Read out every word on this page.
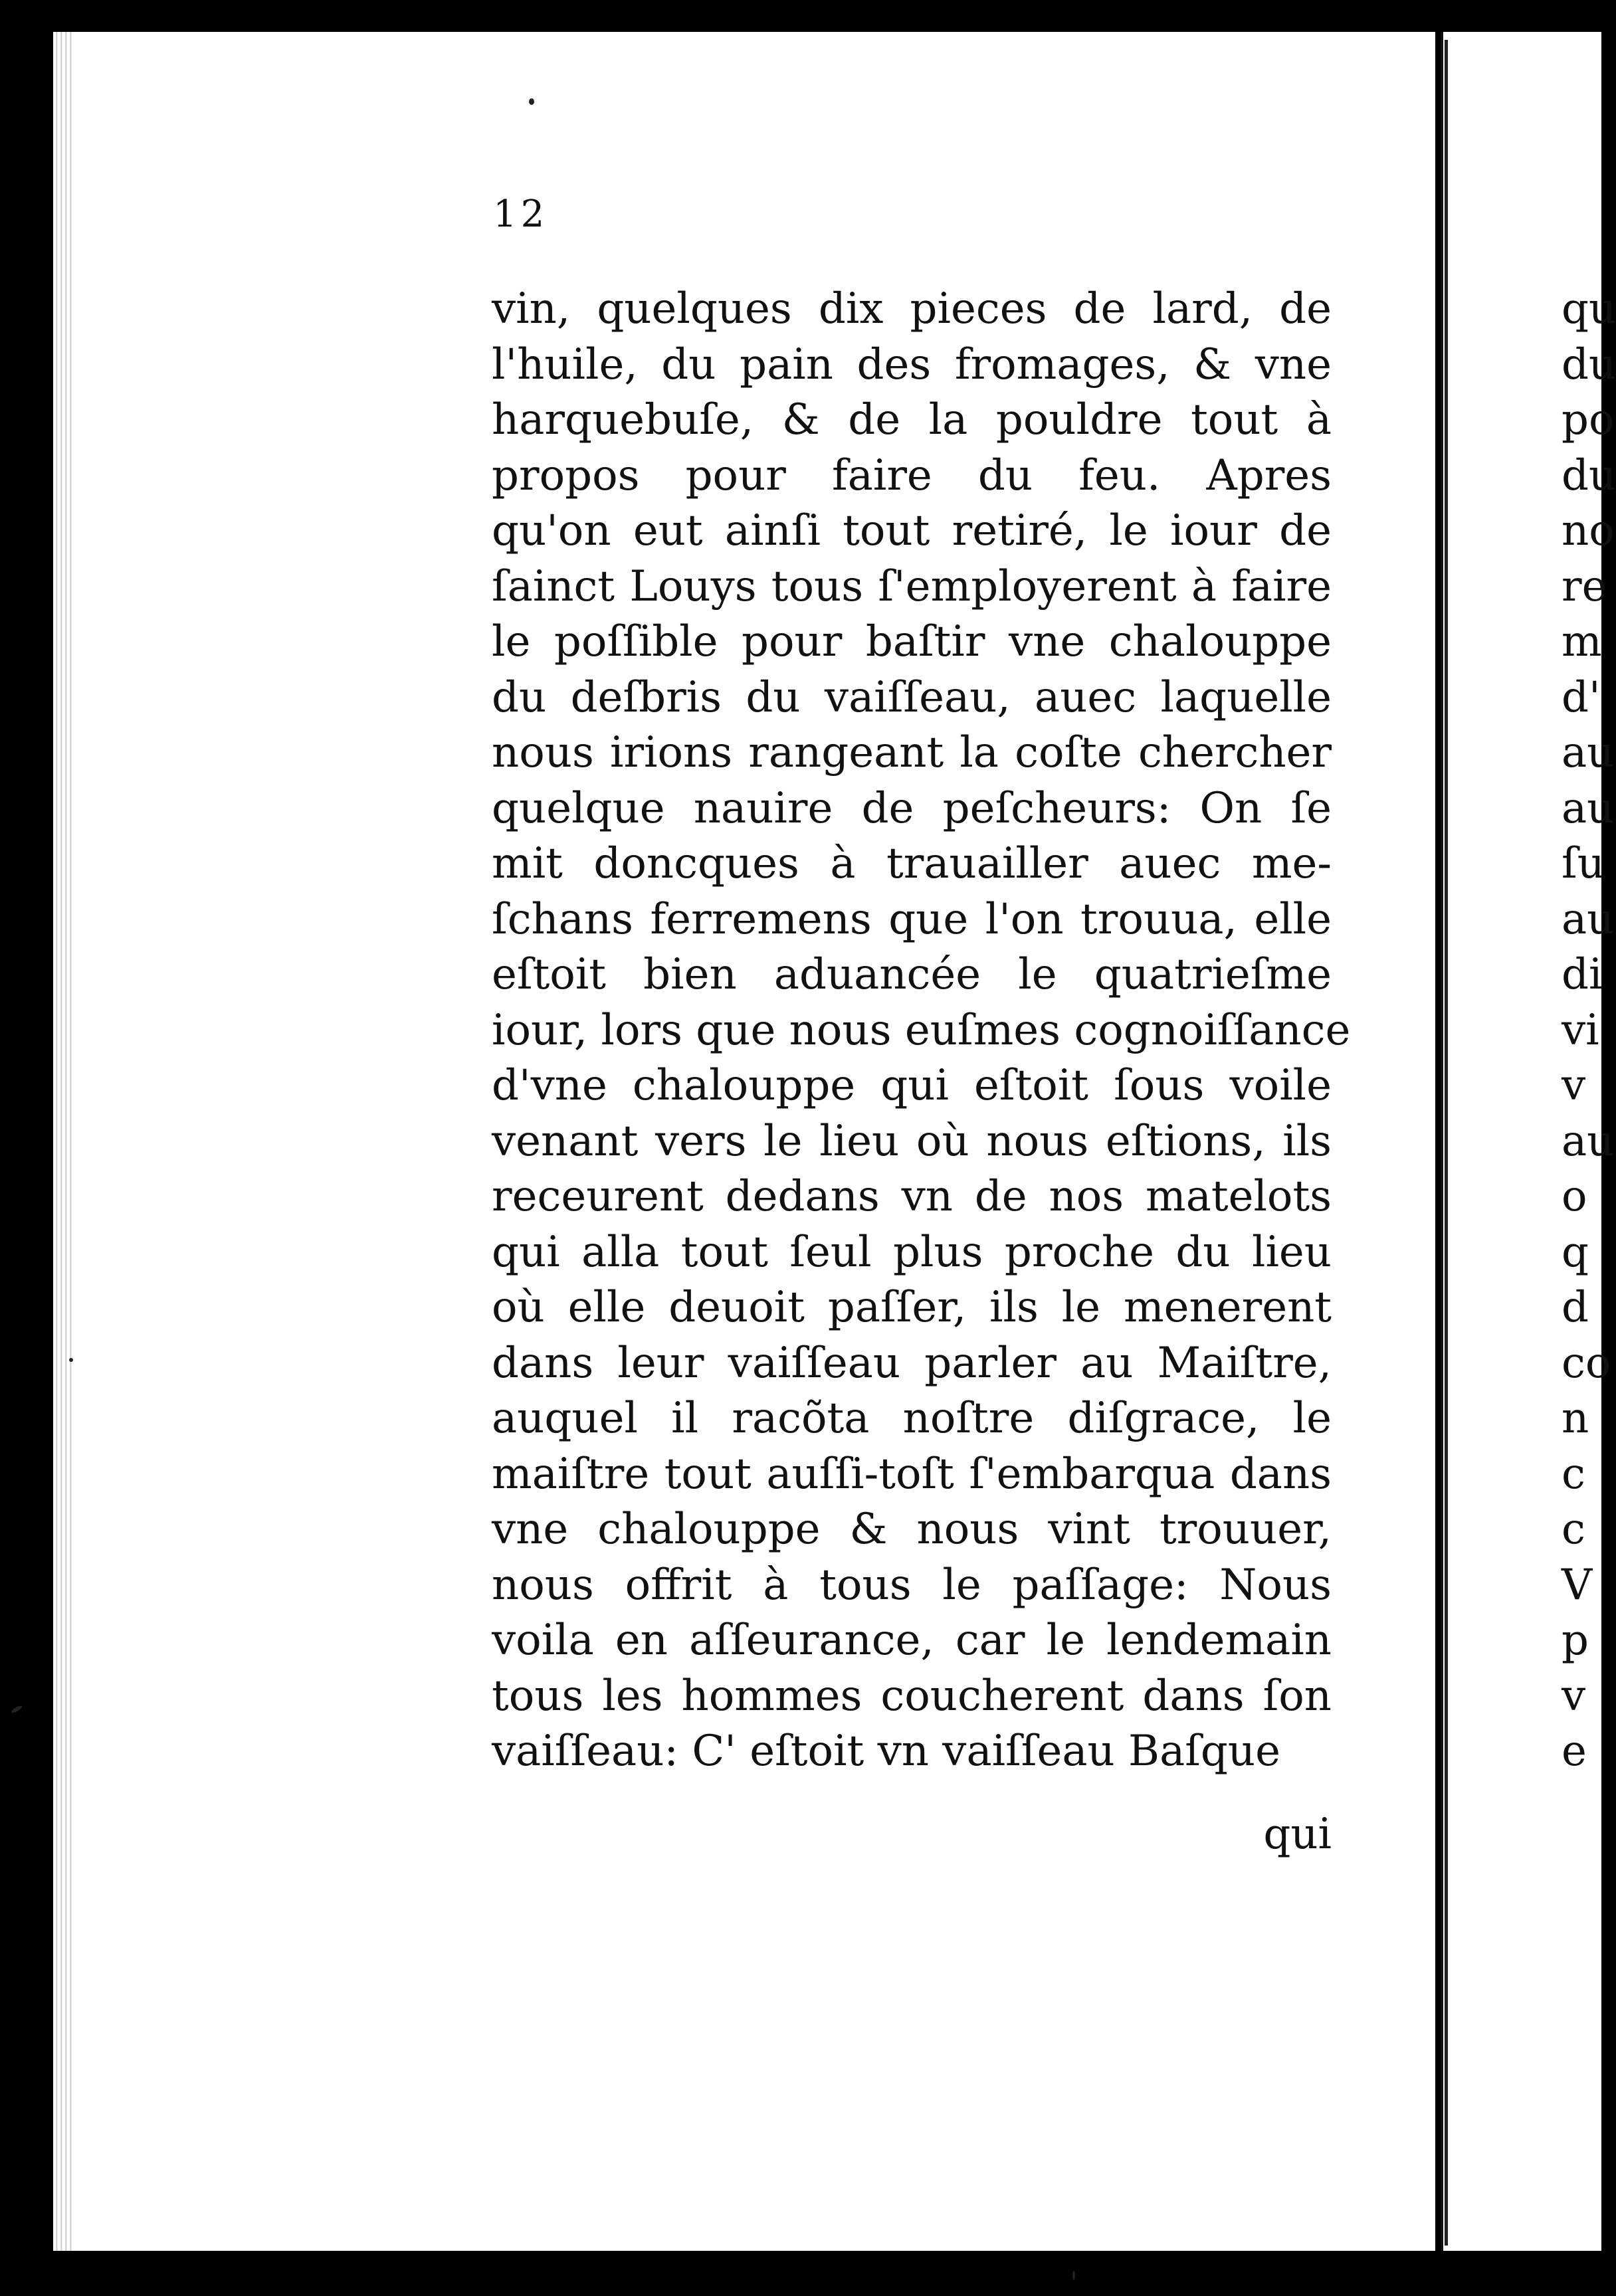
12
vin, quelques dix pieces de lard, de
l'huile, du pain des fromages, & vne
harquebuſe, & de la pouldre tout à
propos pour faire du feu. Apres
qu'on eut ainſi tout retiré, le iour de
ſainct Louys tous ſ'employerent à faire
le poſſible pour baſtir vne chalouppe
du deſbris du vaiſſeau, auec laquelle
nous irions rangeant la coſte chercher
quelque nauire de peſcheurs: On ſe
mit doncques à trauailler auec me-
ſchans ferremens que l'on trouua, elle
eſtoit bien aduancée le quatrieſme
iour, lors que nous euſmes cognoiſſance
d'vne chalouppe qui eſtoit ſous voile
venant vers le lieu où nous eſtions, ils
receurent dedans vn de nos matelots
qui alla tout ſeul plus proche du lieu
où elle deuoit paſſer, ils le menerent
dans leur vaiſſeau parler au Maiſtre,
auquel il racõta noſtre diſgrace, le
maiſtre tout auſſi-toſt ſ'embarqua dans
vne chalouppe & nous vint trouuer,
nous offrit à tous le paſſage: Nous
voila en aſſeurance, car le lendemain
tous les hommes coucherent dans ſon
vaiſſeau: C' eſtoit vn vaiſſeau Baſque
qui
qu
du
po
du
no
re
m
d'
au
au
ſu
au
di
vi
v
au
o
q
d
co
n
c
c
V
p
v
e
